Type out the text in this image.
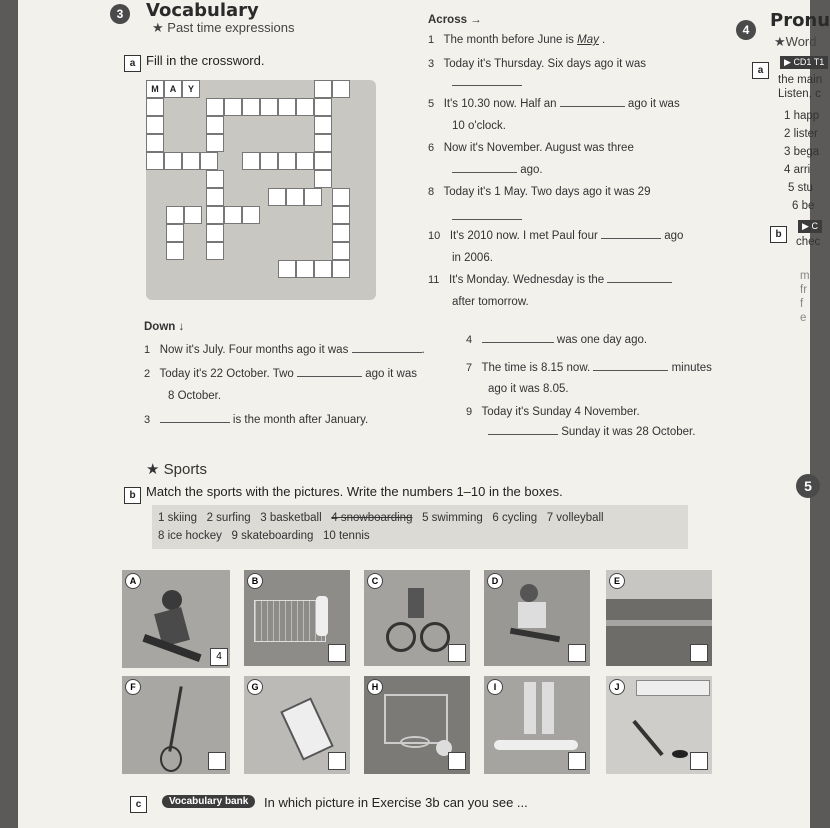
3	Vocabulary
★ Past time expressions
a Fill in the crossword.
M	A	Y
Across →
1 The month before June is May .
3 Today it's Thursday. Six days ago it was
5 It's 10.30 now. Half an	ago it was
10 o'clock.
6 Now it's November. August was three
ago.
8 Today it's 1 May. Two days ago it was 29
10 It's 2010 now. I met Paul four	ago
in 2006.
11 It's Monday. Wednesday is the
after tomorrow.
Down ↓
1 Now it's July. Four months ago it was	.
2 Today it's 22 October. Two	ago it was
8 October.
3	is the month after January.
4	was one day ago.
7 The time is 8.15 now.	minutes
ago it was 8.05.
9 Today it's Sunday 4 November.
Sunday it was 28 October.
★ Sports
b Match the sports with the pictures. Write the numbers 1–10 in the boxes.
1 skiing 2 surfing 3 basketball 4 snowboarding 5 swimming 6 cycling 7 volleyball
8 ice hockey 9 skateboarding 10 tennis
A
4
B	C	D	E
F	G	H	I	J
c	Vocabulary bank	In which picture in Exercise 3b can you see ...
4	Pronu
★Word
a
▶ CD1 T1
the main
Listen, c
1 happ
2 lister
3 bega
4 arri
5 stu
6 be
b
▶ C
chec
m
fr
f
e
5
